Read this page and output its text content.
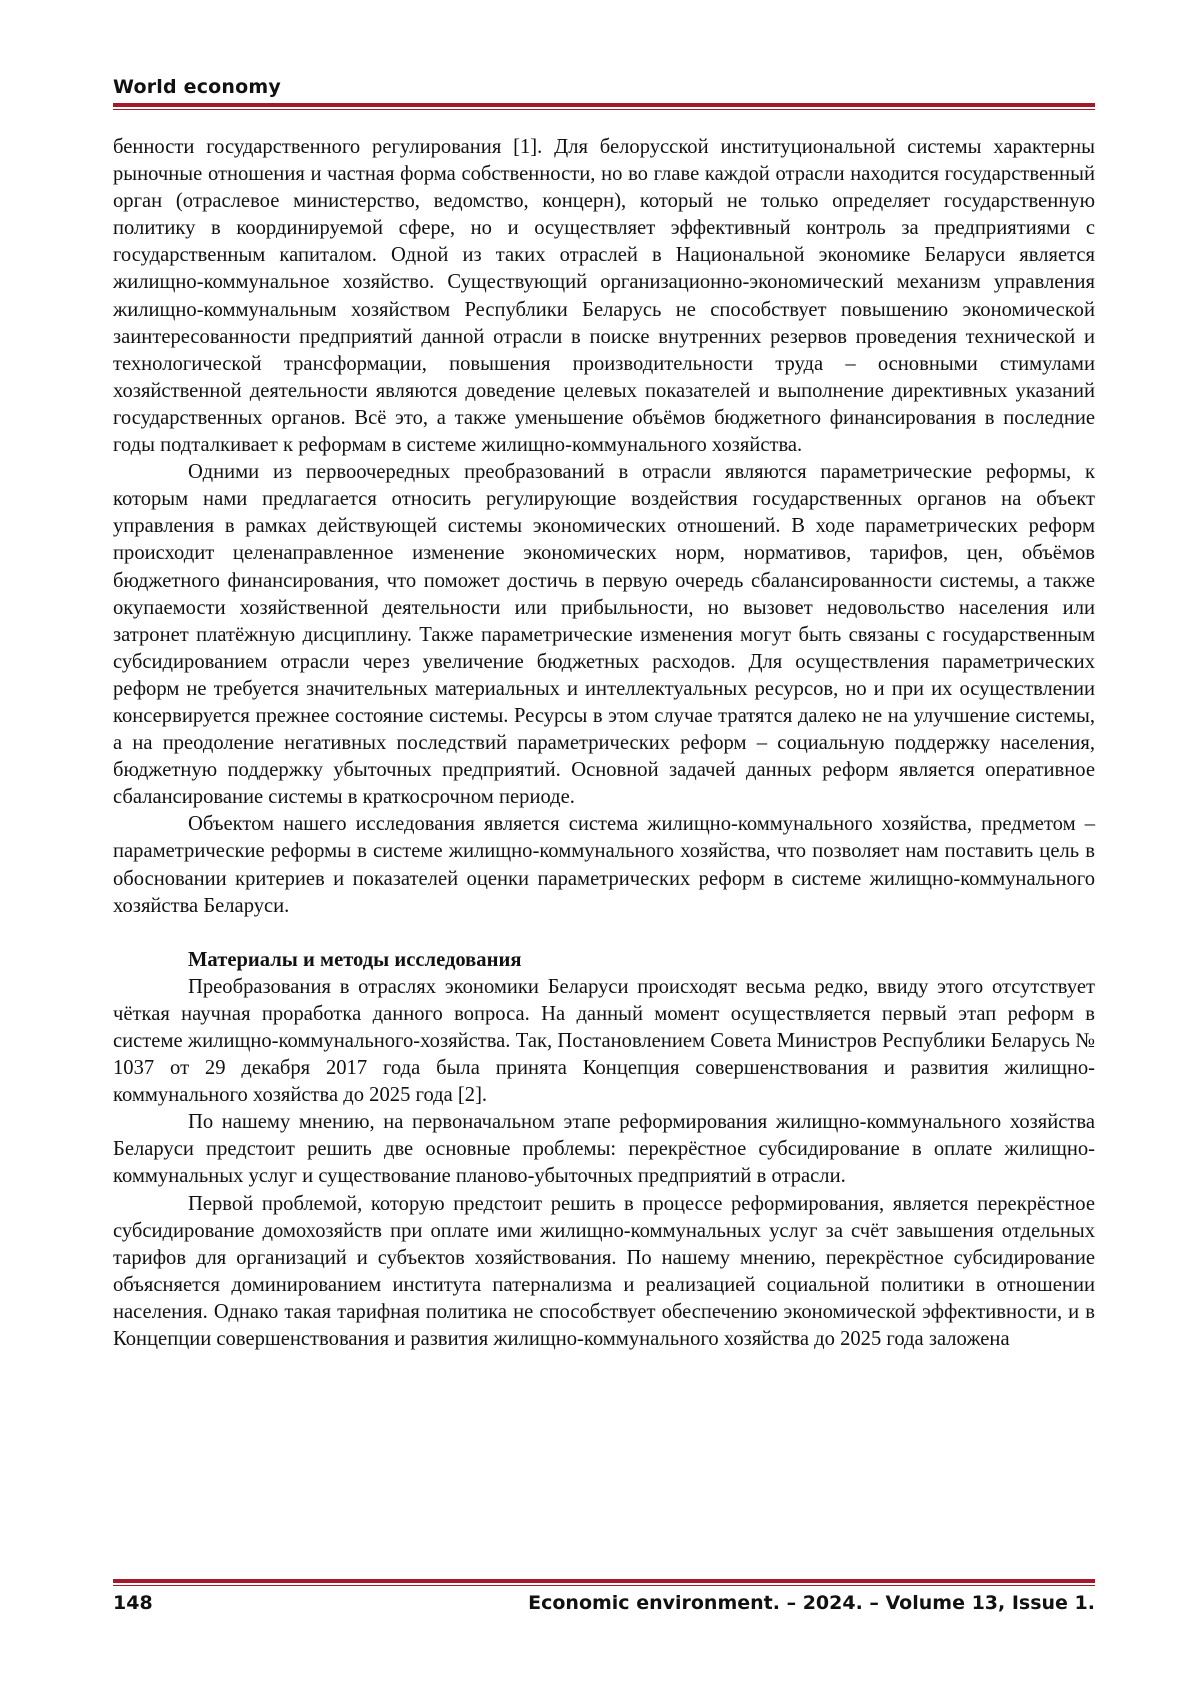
World economy

бенности государственного регулирования [1]. Для белорусской институциональной системы характерны рыночные отношения и частная форма собственности, но во главе каждой отрасли находится государственный орган (отраслевое министерство, ведомство, концерн), который не только определяет государственную политику в координируемой сфере, но и осуществляет эффективный контроль за предприятиями с государственным капиталом. Одной из таких отраслей в Национальной экономике Беларуси является жилищно-коммунальное хозяйство. Существующий организационно-экономический механизм управления жилищно-коммунальным хозяйством Республики Беларусь не способствует повышению экономической заинтересованности предприятий данной отрасли в поиске внутренних резервов проведения технической и технологической трансформации, повышения производительности труда – основными стимулами хозяйственной деятельности являются доведение целевых показателей и выполнение директивных указаний государственных органов. Всё это, а также уменьшение объёмов бюджетного финансирования в последние годы подталкивает к реформам в системе жилищно-коммунального хозяйства.

Одними из первоочередных преобразований в отрасли являются параметрические реформы, к которым нами предлагается относить регулирующие воздействия государственных органов на объект управления в рамках действующей системы экономических отношений. В ходе параметрических реформ происходит целенаправленное изменение экономических норм, нормативов, тарифов, цен, объёмов бюджетного финансирования, что поможет достичь в первую очередь сбалансированности системы, а также окупаемости хозяйственной деятельности или прибыльности, но вызовет недовольство населения или затронет платёжную дисциплину. Также параметрические изменения могут быть связаны с государственным субсидированием отрасли через увеличение бюджетных расходов. Для осуществления параметрических реформ не требуется значительных материальных и интеллектуальных ресурсов, но и при их осуществлении консервируется прежнее состояние системы. Ресурсы в этом случае тратятся далеко не на улучшение системы, а на преодоление негативных последствий параметрических реформ – социальную поддержку населения, бюджетную поддержку убыточных предприятий. Основной задачей данных реформ является оперативное сбалансирование системы в краткосрочном периоде.

Объектом нашего исследования является система жилищно-коммунального хозяйства, предметом – параметрические реформы в системе жилищно-коммунального хозяйства, что позволяет нам поставить цель в обосновании критериев и показателей оценки параметрических реформ в системе жилищно-коммунального хозяйства Беларуси.

Материалы и методы исследования

Преобразования в отраслях экономики Беларуси происходят весьма редко, ввиду этого отсутствует чёткая научная проработка данного вопроса. На данный момент осуществляется первый этап реформ в системе жилищно-коммунального-хозяйства. Так, Постановлением Совета Министров Республики Беларусь № 1037 от 29 декабря 2017 года была принята Концепция совершенствования и развития жилищно-коммунального хозяйства до 2025 года [2].

По нашему мнению, на первоначальном этапе реформирования жилищно-коммунального хозяйства Беларуси предстоит решить две основные проблемы: перекрёстное субсидирование в оплате жилищно-коммунальных услуг и существование планово-убыточных предприятий в отрасли.

Первой проблемой, которую предстоит решить в процессе реформирования, является перекрёстное субсидирование домохозяйств при оплате ими жилищно-коммунальных услуг за счёт завышения отдельных тарифов для организаций и субъектов хозяйствования. По нашему мнению, перекрёстное субсидирование объясняется доминированием института патернализма и реализацией социальной политики в отношении населения. Однако такая тарифная политика не способствует обеспечению экономической эффективности, и в Концепции совершенствования и развития жилищно-коммунального хозяйства до 2025 года заложена

148	Economic environment. – 2024. – Volume 13, Issue 1.
